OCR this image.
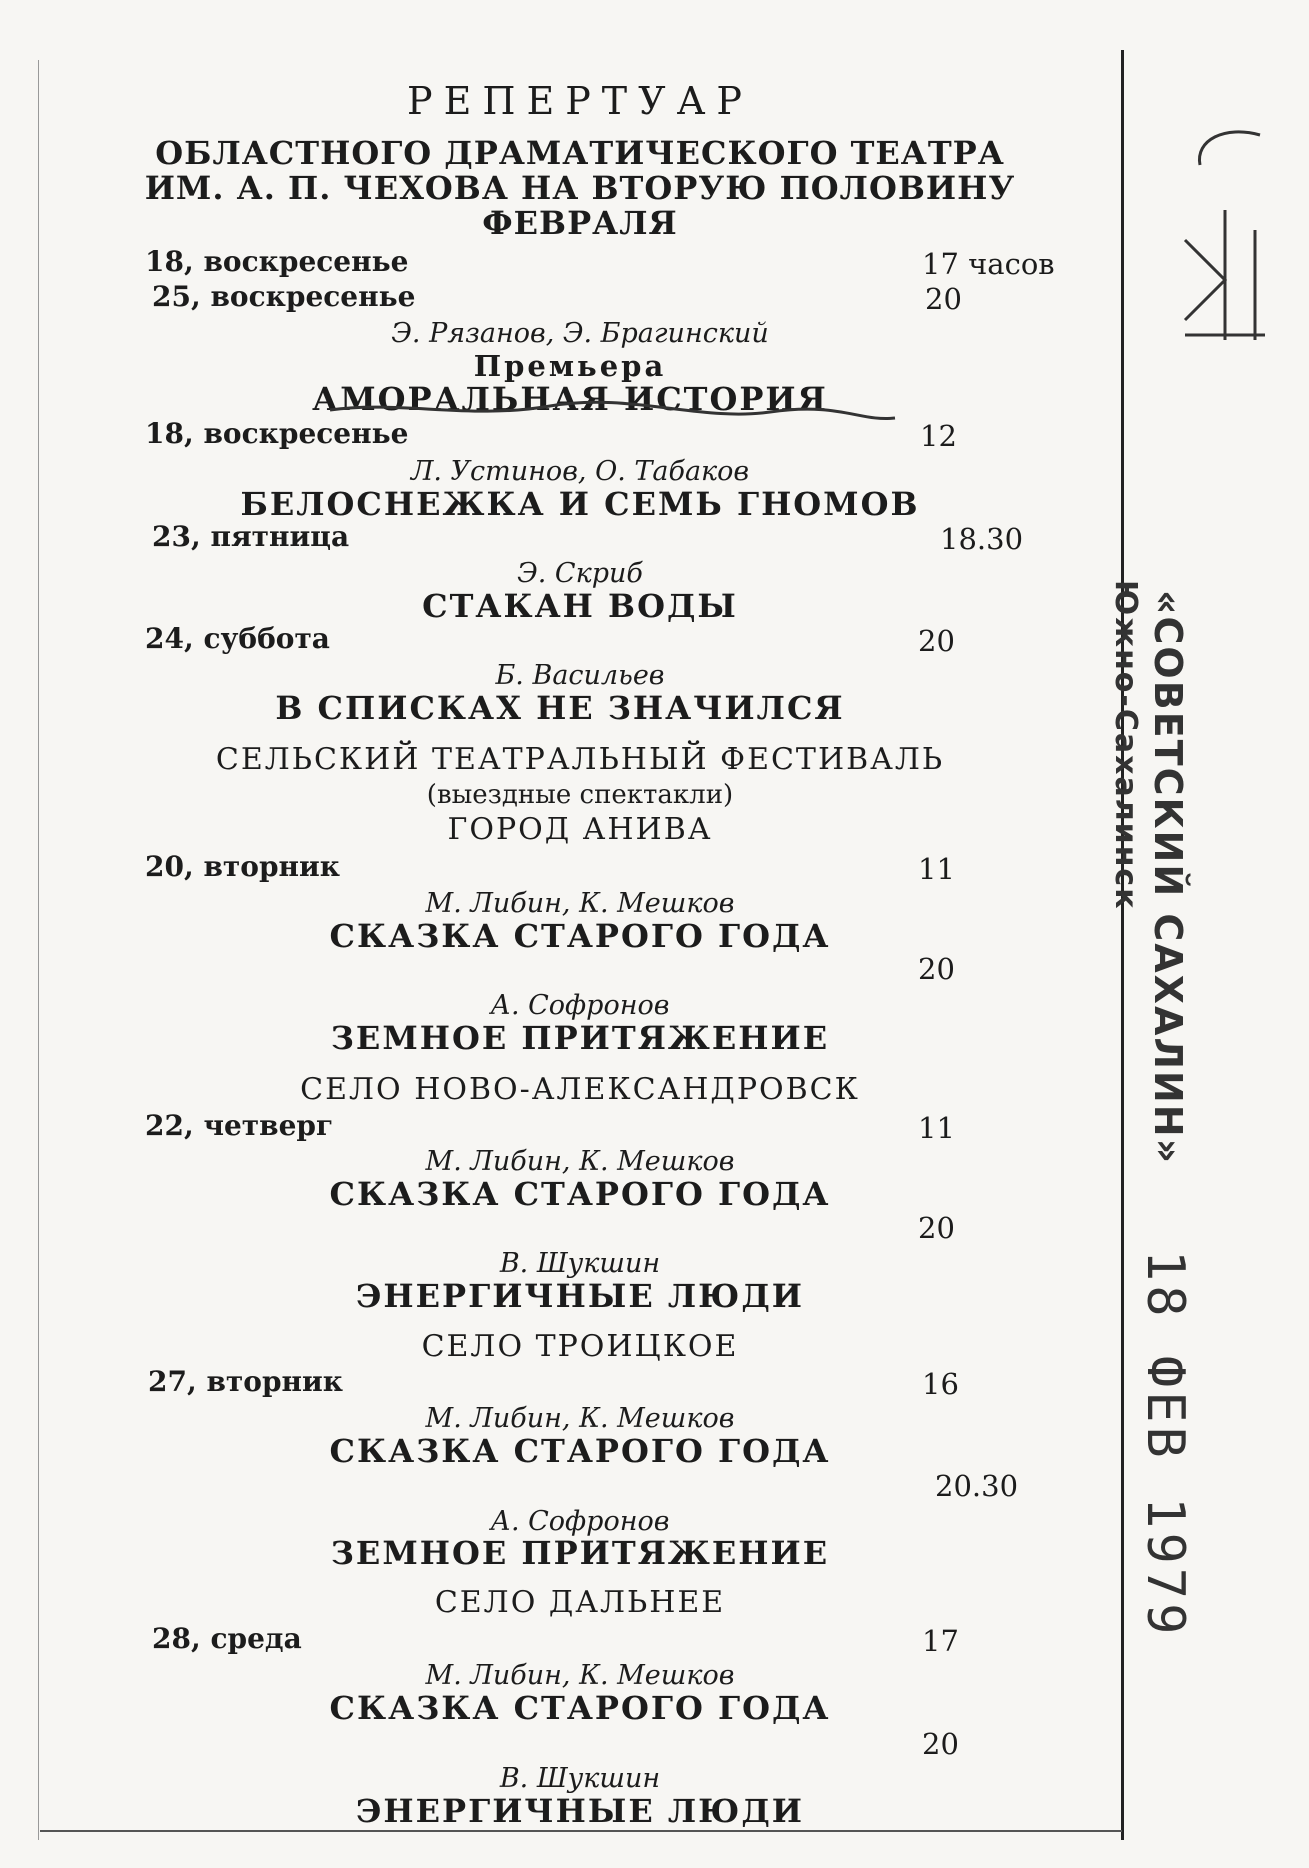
РЕПЕРТУАР
ОБЛАСТНОГО ДРАМАТИЧЕСКОГО ТЕАТРА
ИМ. А. П. ЧЕХОВА НА ВТОРУЮ ПОЛОВИНУ
ФЕВРАЛЯ
18, воскресенье	17 часов
25, воскресенье	20
Э. Рязанов, Э. Брагинский
Премьера
АМОРАЛЬНАЯ ИСТОРИЯ
18, воскресенье	12
Л. Устинов, О. Табаков
БЕЛОСНЕЖКА И СЕМЬ ГНОМОВ
23, пятница	18.30
Э. Скриб
СТАКАН ВОДЫ
24, суббота	20
Б. Васильев
В СПИСКАХ НЕ ЗНАЧИЛСЯ
СЕЛЬСКИЙ ТЕАТРАЛЬНЫЙ ФЕСТИВАЛЬ
(выездные спектакли)
ГОРОД АНИВА
20, вторник	11
М. Либин, К. Мешков
СКАЗКА СТАРОГО ГОДА
20
А. Софронов
ЗЕМНОЕ ПРИТЯЖЕНИЕ
СЕЛО НОВО-АЛЕКСАНДРОВСК
22, четверг	11
М. Либин, К. Мешков
СКАЗКА СТАРОГО ГОДА
20
В. Шукшин
ЭНЕРГИЧНЫЕ ЛЮДИ
СЕЛО ТРОИЦКОЕ
27, вторник	16
М. Либин, К. Мешков
СКАЗКА СТАРОГО ГОДА
20.30
А. Софронов
ЗЕМНОЕ ПРИТЯЖЕНИЕ
СЕЛО ДАЛЬНЕЕ
28, среда	17
М. Либин, К. Мешков
СКАЗКА СТАРОГО ГОДА
20
В. Шукшин
ЭНЕРГИЧНЫЕ ЛЮДИ
Южно-Сахалинск «СОВЕТСКИЙ САХАЛИН»
18 ФЕВ 1979
